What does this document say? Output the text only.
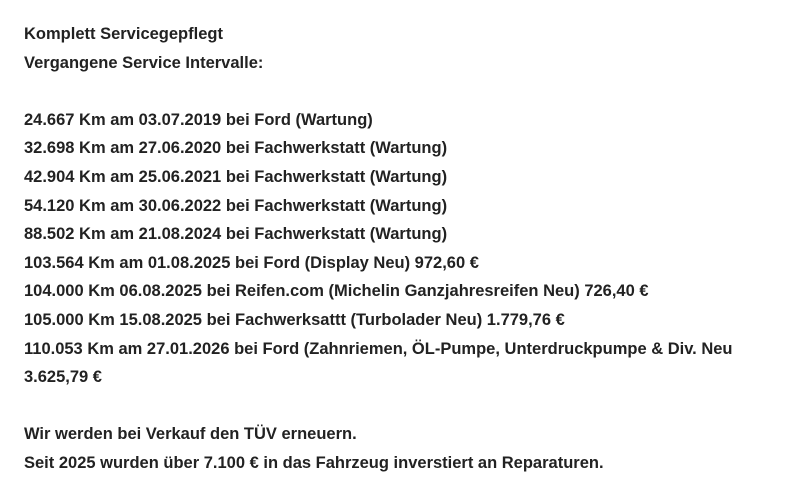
Komplett Servicegepflegt
Vergangene Service Intervalle:
24.667 Km am 03.07.2019 bei Ford (Wartung)
32.698 Km am 27.06.2020 bei Fachwerkstatt (Wartung)
42.904 Km am 25.06.2021 bei Fachwerkstatt (Wartung)
54.120 Km am 30.06.2022 bei Fachwerkstatt (Wartung)
88.502 Km am 21.08.2024 bei Fachwerkstatt (Wartung)
103.564 Km am 01.08.2025 bei Ford (Display Neu) 972,60 €
104.000 Km 06.08.2025 bei Reifen.com (Michelin Ganzjahresreifen Neu) 726,40 €
105.000 Km 15.08.2025 bei Fachwerksattt (Turbolader Neu) 1.779,76 €
110.053 Km am 27.01.2026 bei Ford (Zahnriemen, ÖL-Pumpe, Unterdruckpumpe & Div. Neu
3.625,79 €
Wir werden bei Verkauf den TÜV erneuern.
Seit 2025 wurden über 7.100 € in das Fahrzeug inverstiert an Reparaturen.
